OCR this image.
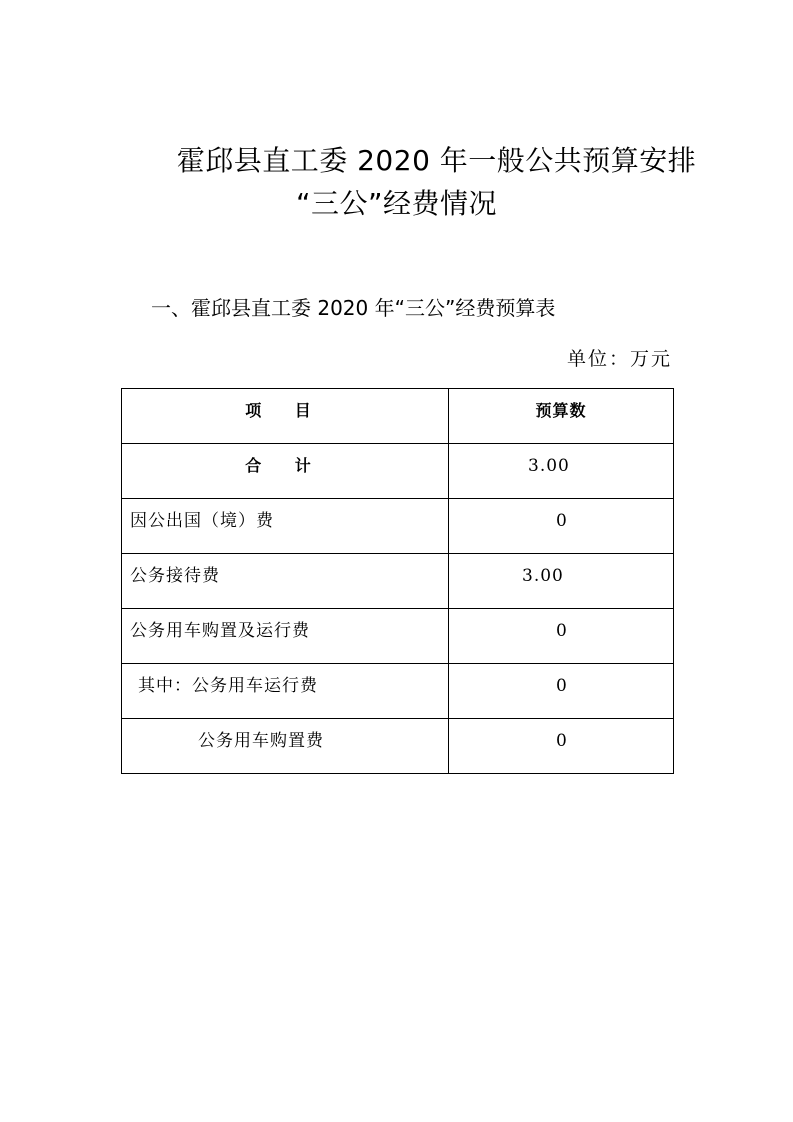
霍邱县直工委 2020 年一般公共预算安排
“三公”经费情况
一、霍邱县直工委 2020 年“三公”经费预算表
单位：万元
项 目	预算数

合 计	3.00

因公出国（境）费	0

公务接待费	3.00

公务用车购置及运行费	0

其中：公务用车运行费	0

公务用车购置费	0
